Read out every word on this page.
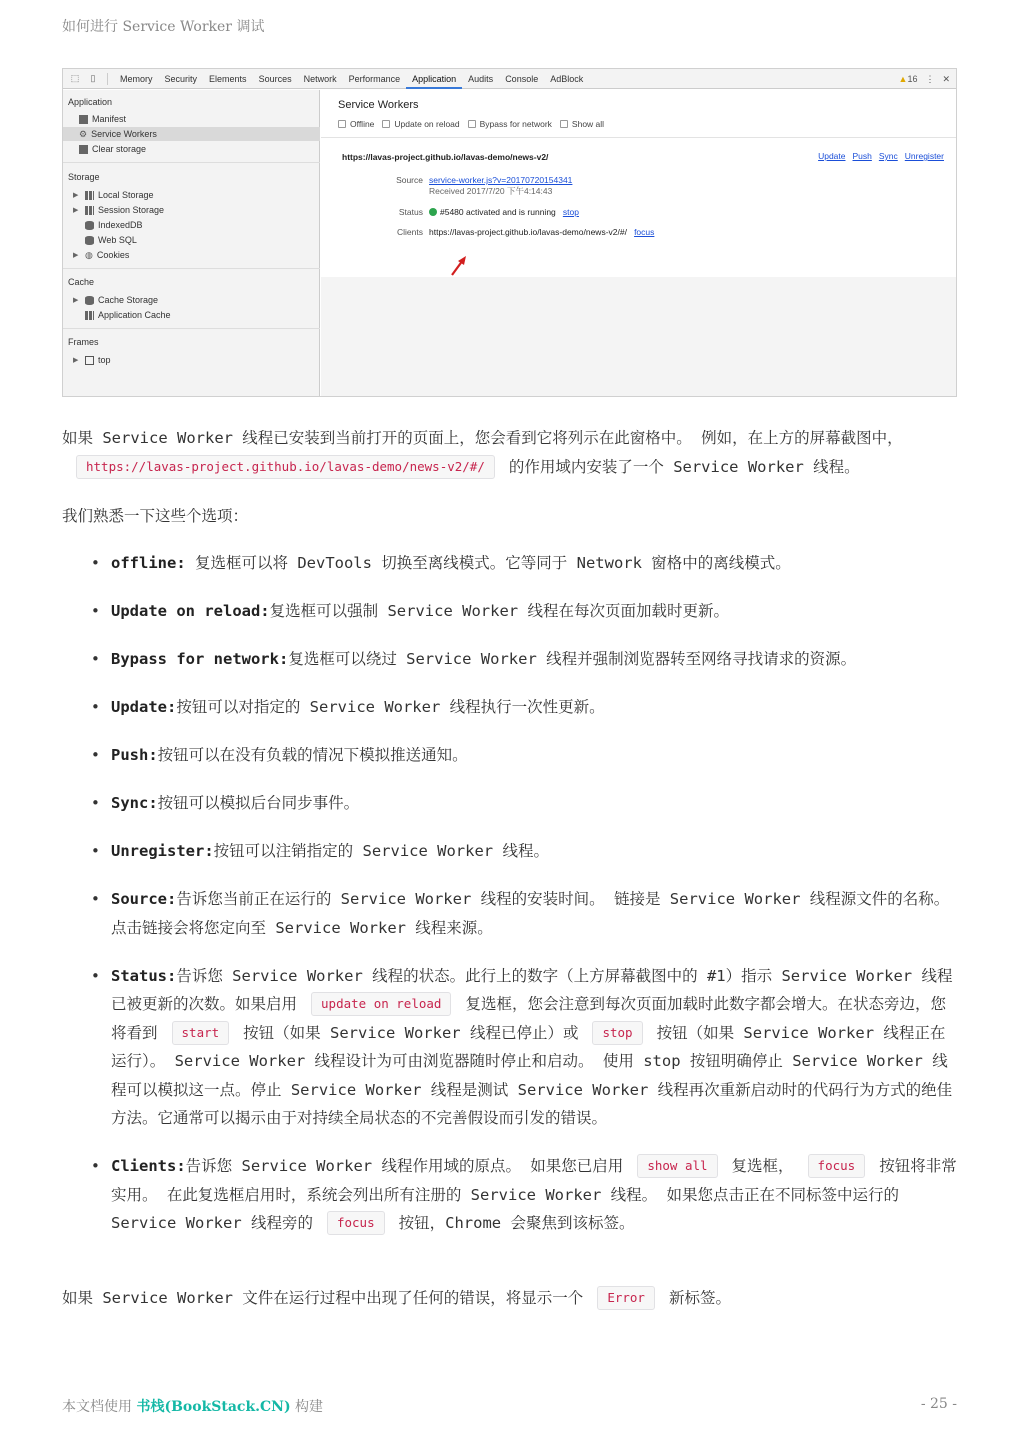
如何进行 Service Worker 调试
⬚	▯	Memory	Security	Elements	Sources	Network	Performance	Application	Audits	Console	AdBlock	▲16 ⋮ ✕
Application
Manifest
⚙ Service Workers
Clear storage
Storage
▶ Local Storage
▶ Session Storage
IndexedDB
Web SQL
▶ ◍ Cookies
Cache
▶ Cache Storage
Application Cache
Frames
▶ top
Service Workers
Offline Update on reload Bypass for network Show all
https://lavas-project.github.io/lavas-demo/news-v2/	Update Push Sync Unregister
Source service-worker.js?v=20170720154341
Received 2017/7/20 下午4:14:43
Status	#5480 activated and is running stop
Clients https://lavas-project.github.io/lavas-demo/news-v2/#/ focus
如果 Service Worker 线程已安装到当前打开的页面上，您会看到它将列示在此窗格中。 例如，在上方的屏幕截图中，https://lavas-project.github.io/lavas-demo/news-v2/#/ 的作用域内安装了一个 Service Worker 线程。
我们熟悉一下这些个选项：
• offline: 复选框可以将 DevTools 切换至离线模式。它等同于 Network 窗格中的离线模式。
• Update on reload:复选框可以强制 Service Worker 线程在每次页面加载时更新。
• Bypass for network:复选框可以绕过 Service Worker 线程并强制浏览器转至网络寻找请求的资源。
• Update:按钮可以对指定的 Service Worker 线程执行一次性更新。
• Push:按钮可以在没有负载的情况下模拟推送通知。
• Sync:按钮可以模拟后台同步事件。
• Unregister:按钮可以注销指定的 Service Worker 线程。
• Source:告诉您当前正在运行的 Service Worker 线程的安装时间。 链接是 Service Worker 线程源文件的名称。点击链接会将您定向至 Service Worker 线程来源。
• Status:告诉您 Service Worker 线程的状态。此行上的数字（上方屏幕截图中的 #1）指示 Service Worker 线程已被更新的次数。如果启用 update on reload 复选框，您会注意到每次页面加载时此数字都会增大。在状态旁边，您将看到 start 按钮（如果 Service Worker 线程已停止）或 stop 按钮（如果 Service Worker 线程正在运行）。 Service Worker 线程设计为可由浏览器随时停止和启动。 使用 stop 按钮明确停止 Service Worker 线程可以模拟这一点。停止 Service Worker 线程是测试 Service Worker 线程再次重新启动时的代码行为方式的绝佳方法。它通常可以揭示由于对持续全局状态的不完善假设而引发的错误。
• Clients:告诉您 Service Worker 线程作用域的原点。 如果您已启用 show all 复选框， focus 按钮将非常实用。 在此复选框启用时，系统会列出所有注册的 Service Worker 线程。 如果您点击正在不同标签中运行的 Service Worker 线程旁的 focus 按钮，Chrome 会聚焦到该标签。
如果 Service Worker 文件在运行过程中出现了任何的错误，将显示一个 Error 新标签。
本文档使用 书栈(BookStack.CN) 构建	- 25 -
